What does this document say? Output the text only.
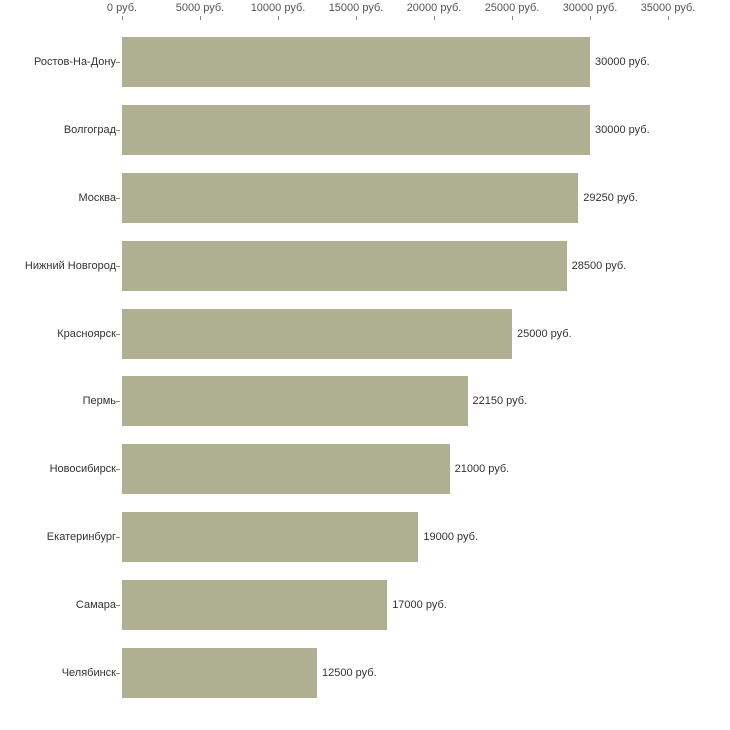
0 руб.	5000 руб. 10000 руб. 15000 руб. 20000 руб. 25000 руб. 30000 руб. 35000 руб.
30000 руб.
Ростов-На-Дону
30000 руб.
Волгоград
29250 руб.
Москва
28500 руб.
Нижний Новгород
25000 руб.
Красноярск
22150 руб.
Пермь
21000 руб.
Новосибирск
19000 руб.
Екатеринбург
17000 руб.
Самара
12500 руб.
Челябинск
